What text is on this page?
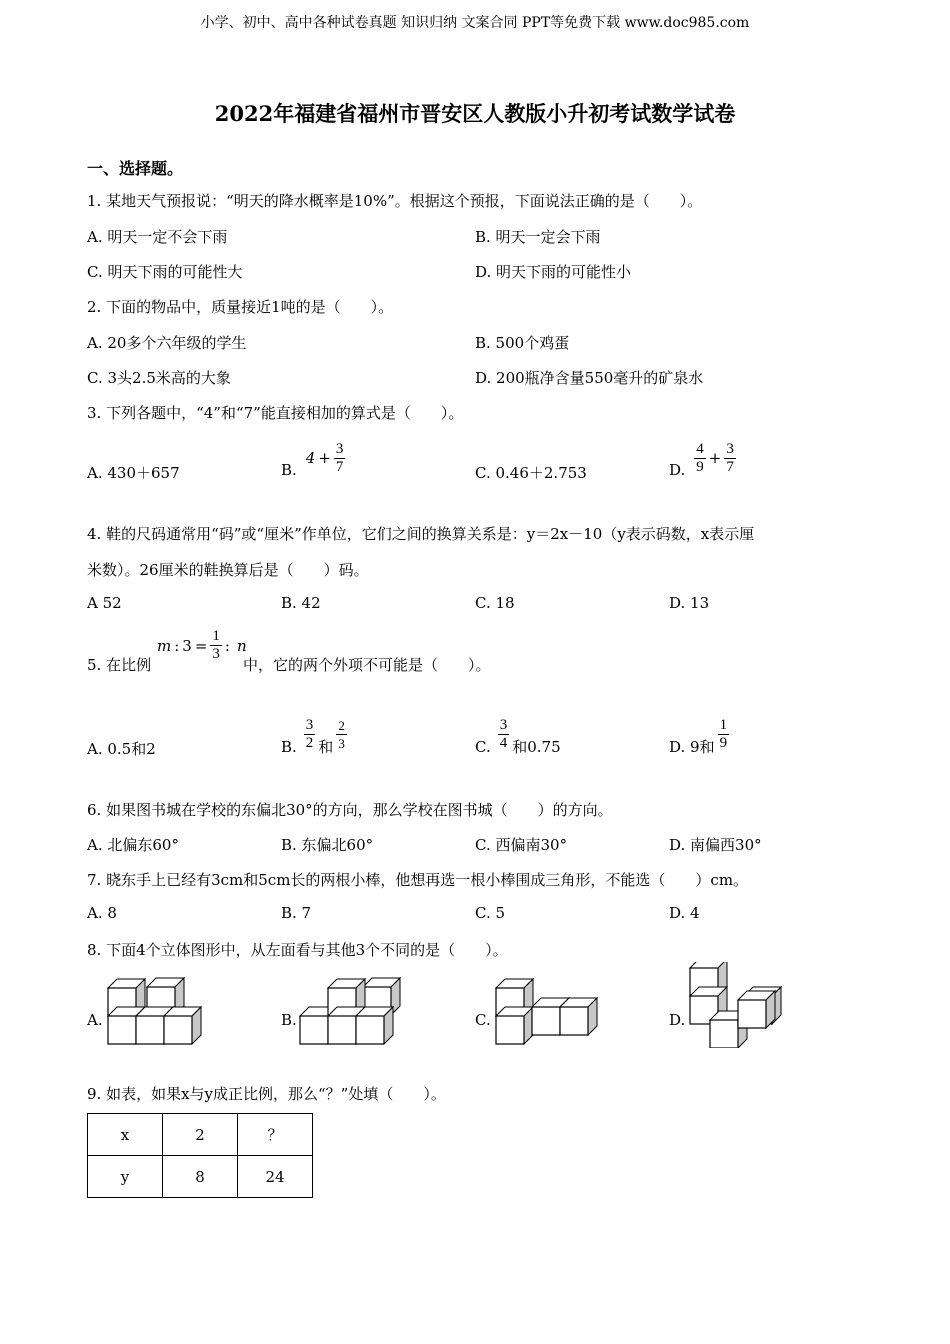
小学、初中、高中各种试卷真题 知识归纳 文案合同 PPT等免费下载 www.doc985.com
2022年福建省福州市晋安区人教版小升初考试数学试卷
一、选择题。
1. 某地天气预报说：“明天的降水概率是10%”。根据这个预报，下面说法正确的是（　　）。
A. 明天一定不会下雨	B. 明天一定会下雨
C. 明天下雨的可能性大	D. 明天下雨的可能性小
2. 下面的物品中，质量接近1吨的是（　　）。
A. 20多个六年级的学生	B. 500个鸡蛋
C. 3头2.5米高的大象	D. 200瓶净含量550毫升的矿泉水
3. 下列各题中，“4”和“7”能直接相加的算式是（　　）。
A. 430＋657	B.
$4 + \frac{3}{7}$	C. 0.46＋2.753	D. $\frac{4}{9} + \frac{3}{7}$
4. 鞋的尺码通常用“码”或“厘米”作单位，它们之间的换算关系是：y＝2x－10（y表示码数，x表示厘
米数）。26厘米的鞋换算后是（　　）码。
A 52	B. 42	C. 18	D. 13
5. 在比例
m : $3 = \frac{1}{3}$ : n
中，它的两个外项不可能是（　　）。
A. 0.5和2	B. $\frac{3}{2}$ 和 $\frac{2}{3}$	C. $\frac{3}{4}$ 和0.75	D. 9和 $\frac{1}{9}$
6. 如果图书城在学校的东偏北30°的方向，那么学校在图书城（　　）的方向。
A. 北偏东60°	B. 东偏北60°	C. 西偏南30°	D. 南偏西30°
7. 晓东手上已经有3cm和5cm长的两根小棒，他想再选一根小棒围成三角形，不能选（　　）cm。
A. 8	B. 7	C. 5	D. 4
8. 下面4个立体图形中，从左面看与其他3个不同的是（　　）。
A.	B.	C.	D.
9. 如表，如果x与y成正比例，那么“？”处填（　　）。
x	2	？
y	8	24
